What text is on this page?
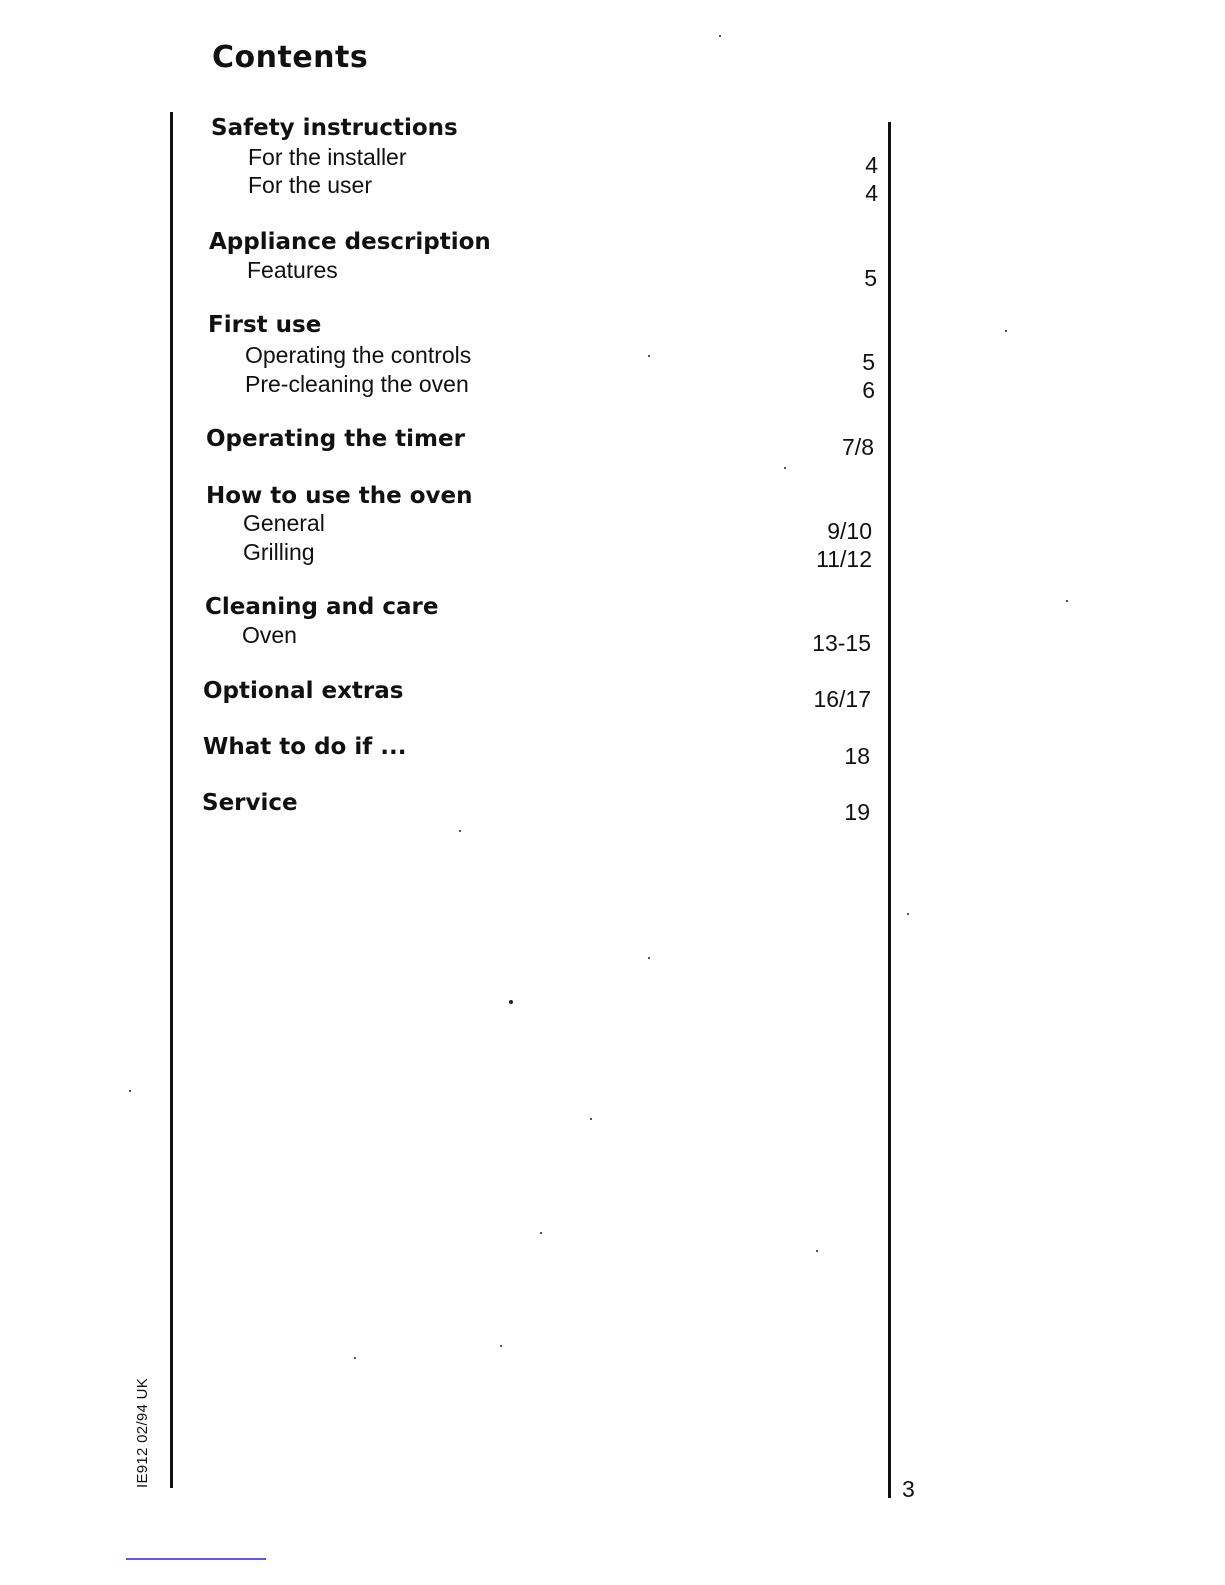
Contents
Safety instructions
For the installer	4
For the user	4
Appliance description
Features	5
First use
Operating the controls	5
Pre-cleaning the oven	6
Operating the timer	7/8
How to use the oven
General	9/10
Grilling	11/12
Cleaning and care
Oven	13-15
Optional extras	16/17
What to do if ...	18
Service	19
IE912 02/94 UK
3
